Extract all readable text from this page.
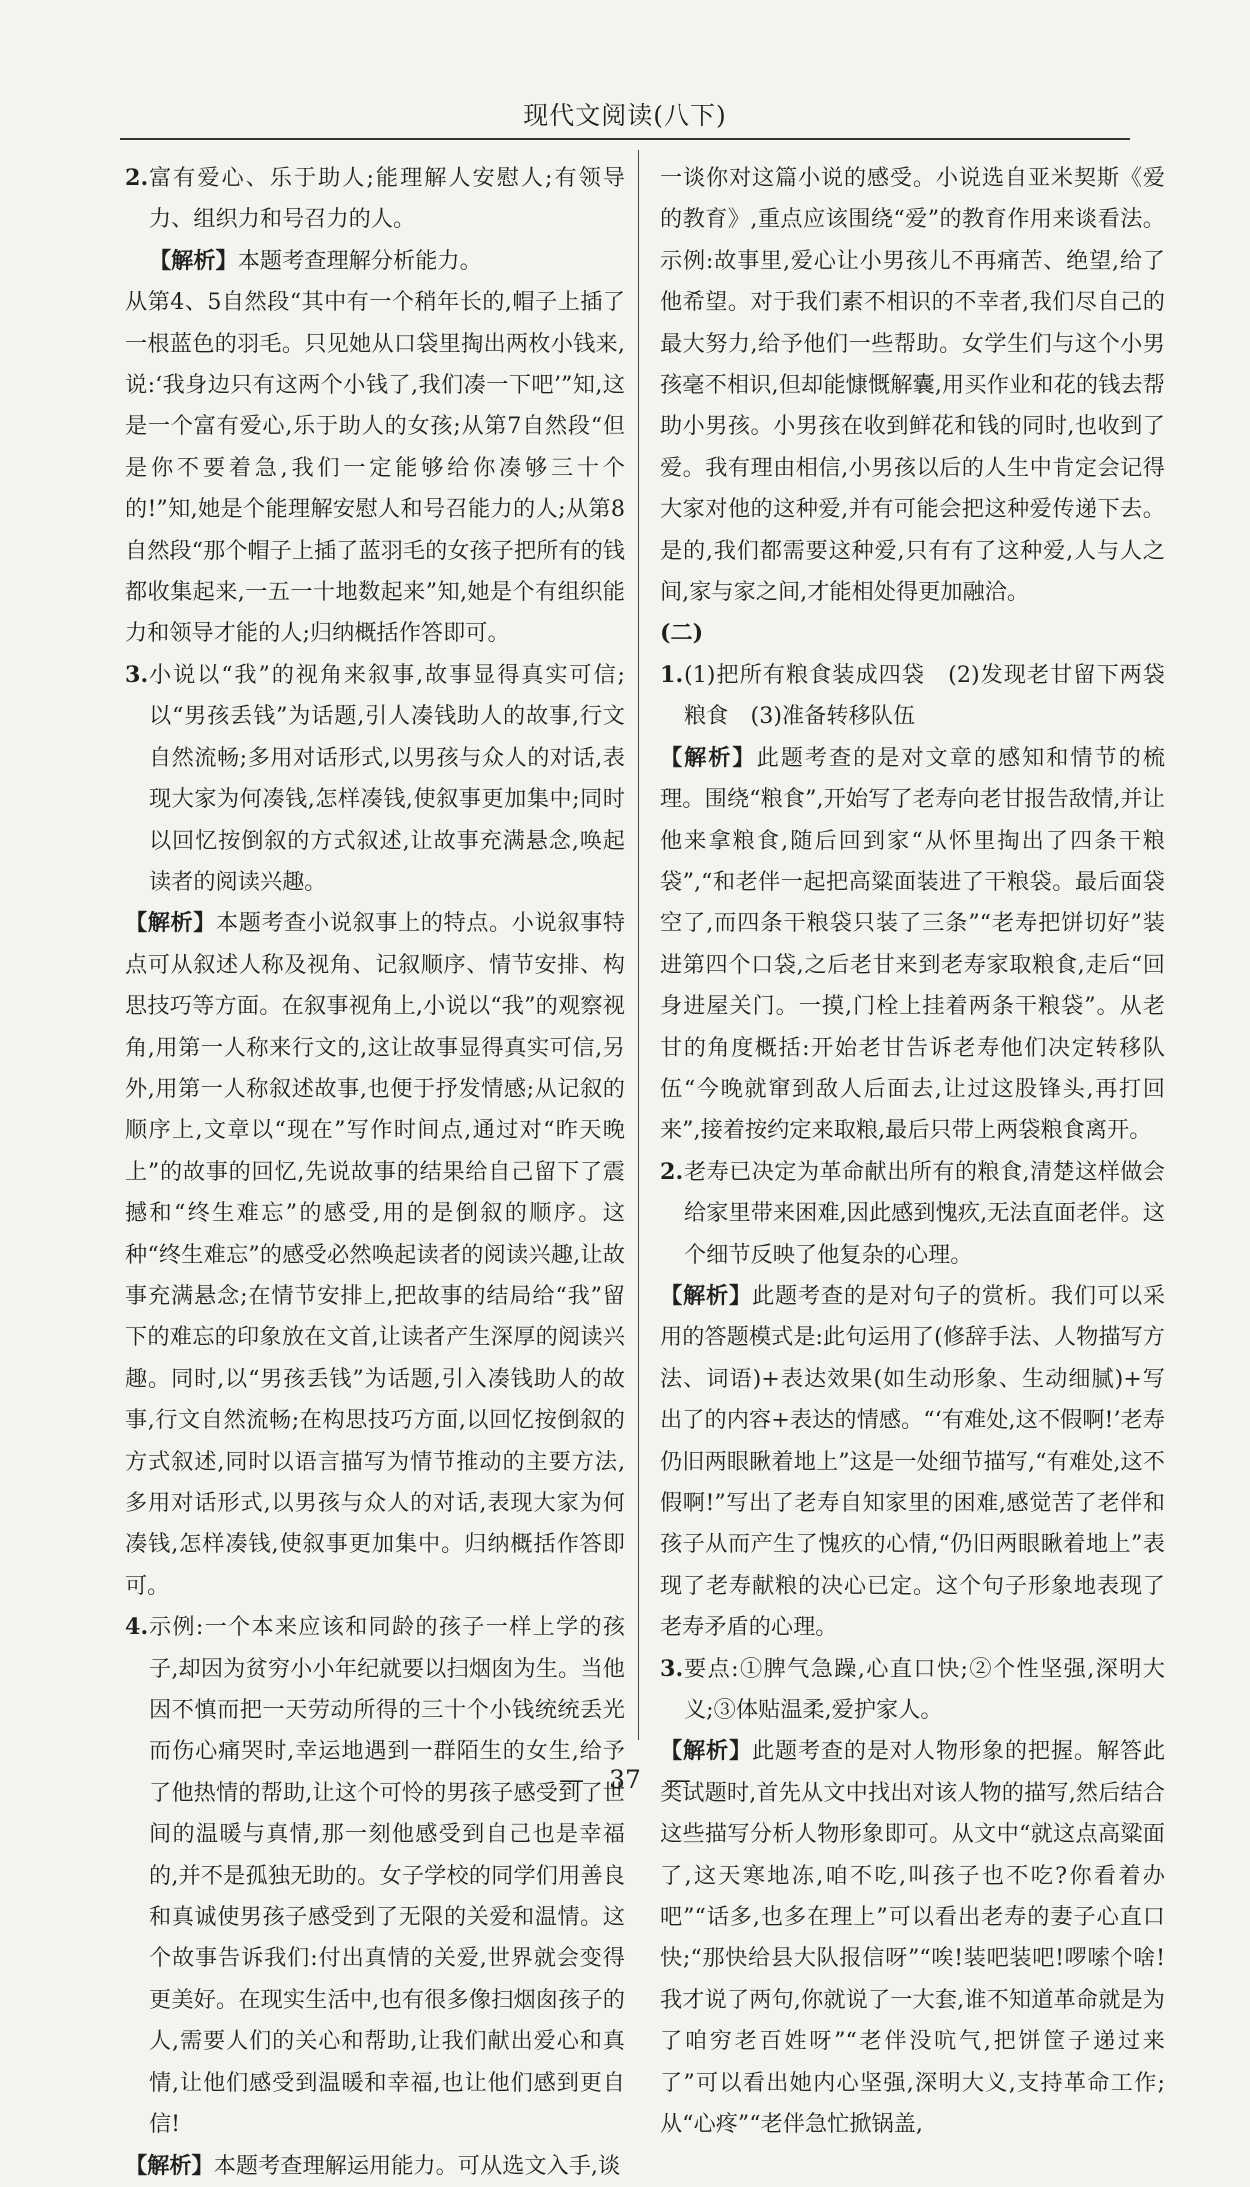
现代文阅读(八下)
2. 富有爱心、乐于助人;能理解人安慰人;有领导力、组织力和号召力的人。

【解析】本题考查理解分析能力。

从第4、5自然段“其中有一个稍年长的,帽子上插了一根蓝色的羽毛。只见她从口袋里掏出两枚小钱来,说:‘我身边只有这两个小钱了,我们凑一下吧’”知,这是一个富有爱心,乐于助人的女孩;从第7自然段“但是你不要着急,我们一定能够给你凑够三十个的!”知,她是个能理解安慰人和号召能力的人;从第8自然段“那个帽子上插了蓝羽毛的女孩子把所有的钱都收集起来,一五一十地数起来”知,她是个有组织能力和领导才能的人;归纳概括作答即可。

3. 小说以“我”的视角来叙事,故事显得真实可信;以“男孩丢钱”为话题,引人凑钱助人的故事,行文自然流畅;多用对话形式,以男孩与众人的对话,表现大家为何凑钱,怎样凑钱,使叙事更加集中;同时以回忆按倒叙的方式叙述,让故事充满悬念,唤起读者的阅读兴趣。

【解析】本题考查小说叙事上的特点。小说叙事特点可从叙述人称及视角、记叙顺序、情节安排、构思技巧等方面。在叙事视角上,小说以“我”的观察视角,用第一人称来行文的,这让故事显得真实可信,另外,用第一人称叙述故事,也便于抒发情感;从记叙的顺序上,文章以“现在”写作时间点,通过对“昨天晚上”的故事的回忆,先说故事的结果给自己留下了震撼和“终生难忘”的感受,用的是倒叙的顺序。这种“终生难忘”的感受必然唤起读者的阅读兴趣,让故事充满悬念;在情节安排上,把故事的结局给“我”留下的难忘的印象放在文首,让读者产生深厚的阅读兴趣。同时,以“男孩丢钱”为话题,引入凑钱助人的故事,行文自然流畅;在构思技巧方面,以回忆按倒叙的方式叙述,同时以语言描写为情节推动的主要方法,多用对话形式,以男孩与众人的对话,表现大家为何凑钱,怎样凑钱,使叙事更加集中。归纳概括作答即可。

4. 示例:一个本来应该和同龄的孩子一样上学的孩子,却因为贫穷小小年纪就要以扫烟囱为生。当他因不慎而把一天劳动所得的三十个小钱统统丢光而伤心痛哭时,幸运地遇到一群陌生的女生,给予了他热情的帮助,让这个可怜的男孩子感受到了世间的温暖与真情,那一刻他感受到自己也是幸福的,并不是孤独无助的。女子学校的同学们用善良和真诚使男孩子感受到了无限的关爱和温情。这个故事告诉我们:付出真情的关爱,世界就会变得更美好。在现实生活中,也有很多像扫烟囱孩子的人,需要人们的关心和帮助,让我们献出爱心和真情,让他们感受到温暖和幸福,也让他们感到更自信!

【解析】本题考查理解运用能力。可从选文入手,谈

一谈你对这篇小说的感受。小说选自亚米契斯《爱的教育》,重点应该围绕“爱”的教育作用来谈看法。示例:故事里,爱心让小男孩儿不再痛苦、绝望,给了他希望。对于我们素不相识的不幸者,我们尽自己的最大努力,给予他们一些帮助。女学生们与这个小男孩毫不相识,但却能慷慨解囊,用买作业和花的钱去帮助小男孩。小男孩在收到鲜花和钱的同时,也收到了爱。我有理由相信,小男孩以后的人生中肯定会记得大家对他的这种爱,并有可能会把这种爱传递下去。是的,我们都需要这种爱,只有有了这种爱,人与人之间,家与家之间,才能相处得更加融洽。

(二)

1. (1)把所有粮食装成四袋　(2)发现老甘留下两袋粮食　(3)准备转移队伍

【解析】此题考查的是对文章的感知和情节的梳理。围绕“粮食”,开始写了老寿向老甘报告敌情,并让他来拿粮食,随后回到家“从怀里掏出了四条干粮袋”,“和老伴一起把高粱面装进了干粮袋。最后面袋空了,而四条干粮袋只装了三条”“老寿把饼切好”装进第四个口袋,之后老甘来到老寿家取粮食,走后“回身进屋关门。一摸,门栓上挂着两条干粮袋”。从老甘的角度概括:开始老甘告诉老寿他们决定转移队伍“今晚就窜到敌人后面去,让过这股锋头,再打回来”,接着按约定来取粮,最后只带上两袋粮食离开。

2. 老寿已决定为革命献出所有的粮食,清楚这样做会给家里带来困难,因此感到愧疚,无法直面老伴。这个细节反映了他复杂的心理。

【解析】此题考查的是对句子的赏析。我们可以采用的答题模式是:此句运用了(修辞手法、人物描写方法、词语)+表达效果(如生动形象、生动细腻)+写出了的内容+表达的情感。“‘有难处,这不假啊!’老寿仍旧两眼瞅着地上”这是一处细节描写,“有难处,这不假啊!”写出了老寿自知家里的困难,感觉苦了老伴和孩子从而产生了愧疚的心情,“仍旧两眼瞅着地上”表现了老寿献粮的决心已定。这个句子形象地表现了老寿矛盾的心理。

3. 要点:①脾气急躁,心直口快;②个性坚强,深明大义;③体贴温柔,爱护家人。

【解析】此题考查的是对人物形象的把握。解答此类试题时,首先从文中找出对该人物的描写,然后结合这些描写分析人物形象即可。从文中“就这点高粱面了,这天寒地冻,咱不吃,叫孩子也不吃?你看着办吧”“话多,也多在理上”可以看出老寿的妻子心直口快;“那快给县大队报信呀”“唉!装吧装吧!啰嗦个啥!我才说了两句,你就说了一大套,谁不知道革命就是为了咱穷老百姓呀”“老伴没吭气,把饼筐子递过来了”可以看出她内心坚强,深明大义,支持革命工作;从“心疼”“老伴急忙掀锅盖,

—　37　—
